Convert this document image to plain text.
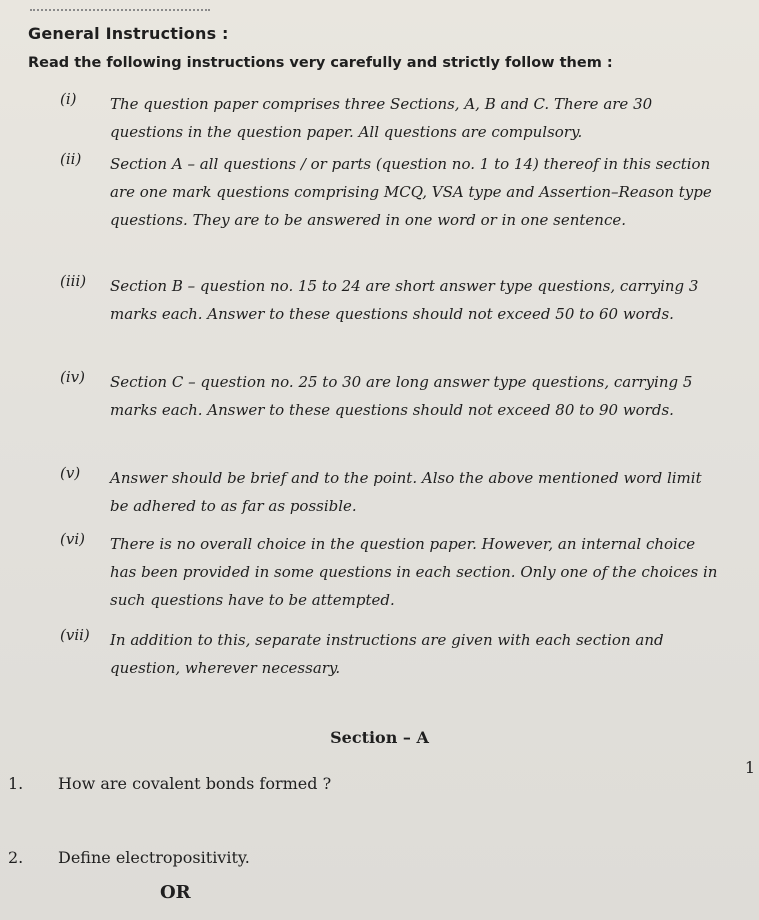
General Instructions :
Read the following instructions very carefully and strictly follow them :
(i) The question paper comprises three Sections, A, B and C. There are 30 questions in the question paper. All questions are compulsory.
(ii) Section A – all questions / or parts (question no. 1 to 14) thereof in this section are one mark questions comprising MCQ, VSA type and Assertion–Reason type questions. They are to be answered in one word or in one sentence.
(iii) Section B – question no. 15 to 24 are short answer type questions, carrying 3 marks each. Answer to these questions should not exceed 50 to 60 words.
(iv) Section C – question no. 25 to 30 are long answer type questions, carrying 5 marks each. Answer to these questions should not exceed 80 to 90 words.
(v) Answer should be brief and to the point. Also the above mentioned word limit be adhered to as far as possible.
(vi) There is no overall choice in the question paper. However, an internal choice has been provided in some questions in each section. Only one of the choices in such questions have to be attempted.
(vii) In addition to this, separate instructions are given with each section and question, wherever necessary.
Section – A
1. How are covalent bonds formed ?
1
2. Define electropositivity.
OR
